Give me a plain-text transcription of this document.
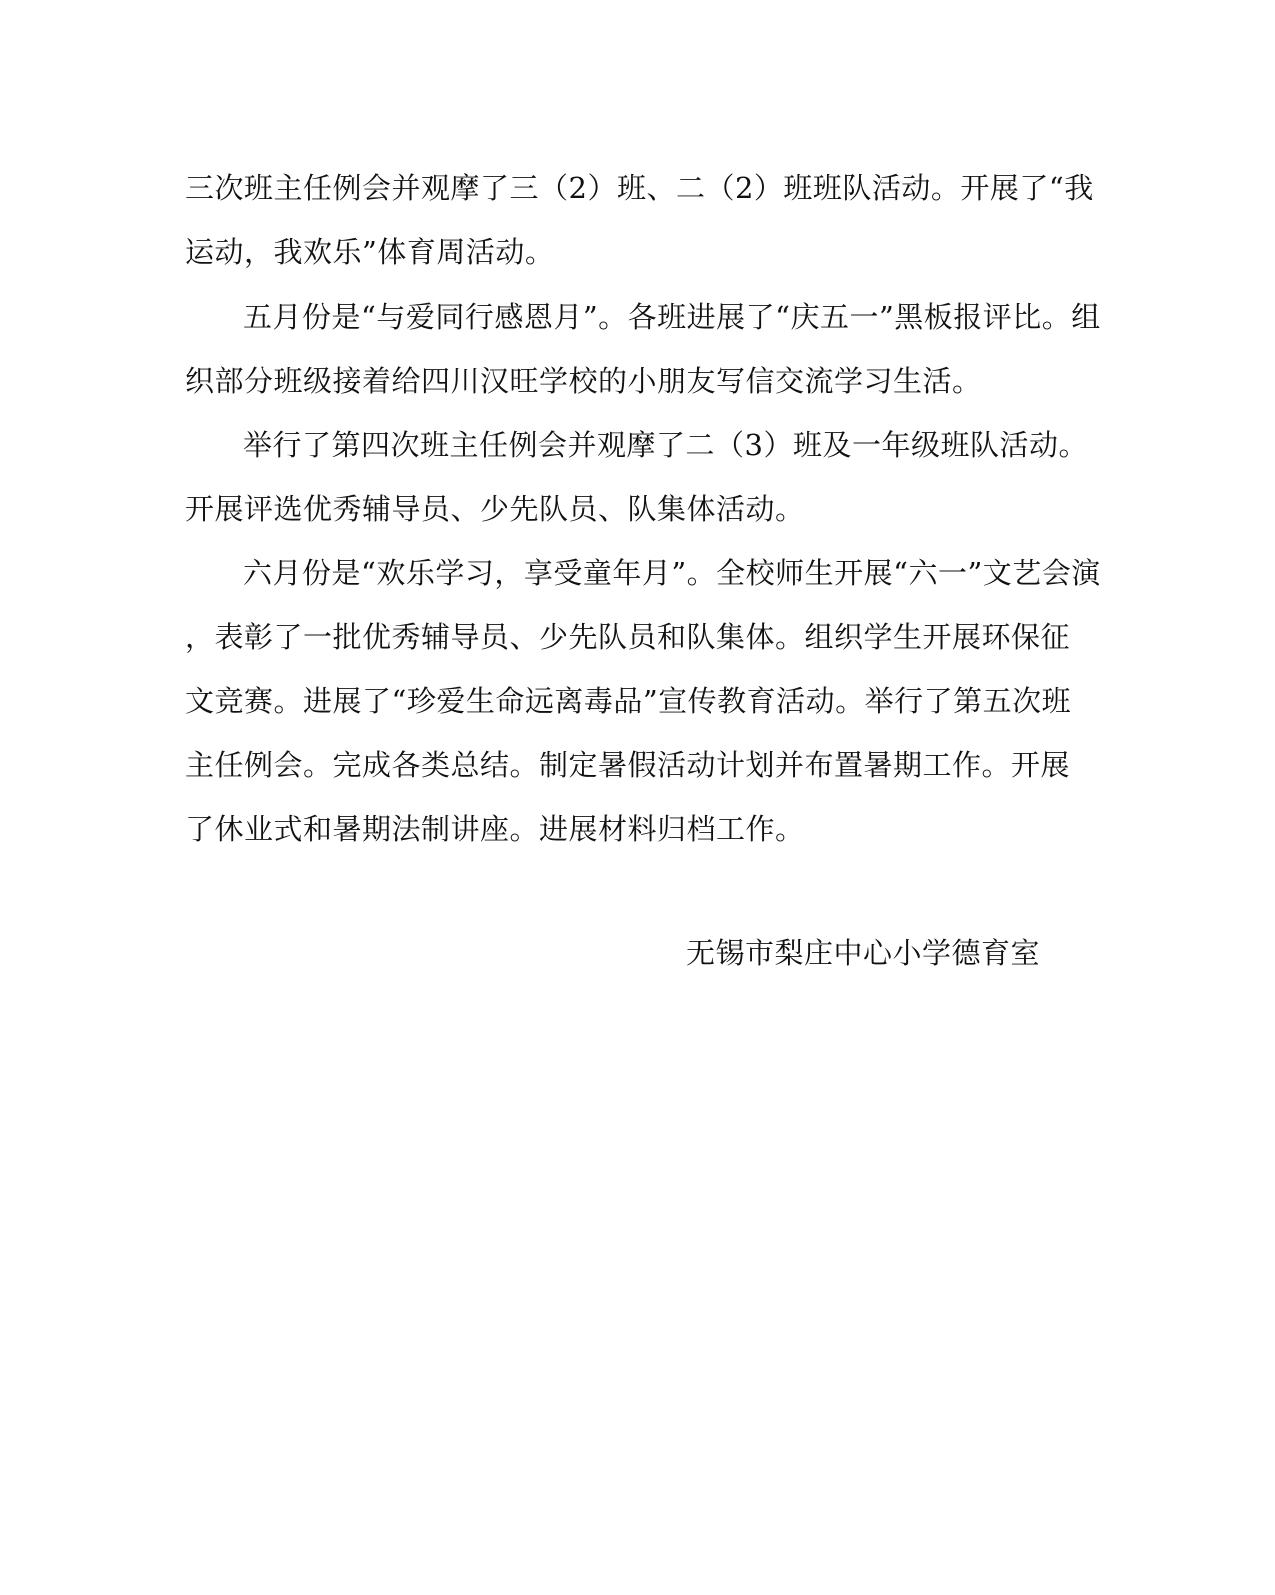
三次班主任例会并观摩了三（2）班、二（2）班班队活动。开展了“我
运动，我欢乐”体育周活动。
五月份是“与爱同行感恩月”。各班进展了“庆五一”黑板报评比。组
织部分班级接着给四川汉旺学校的小朋友写信交流学习生活。
举行了第四次班主任例会并观摩了二（3）班及一年级班队活动。
开展评选优秀辅导员、少先队员、队集体活动。
六月份是“欢乐学习，享受童年月”。全校师生开展“六一”文艺会演
，表彰了一批优秀辅导员、少先队员和队集体。组织学生开展环保征
文竞赛。进展了“珍爱生命远离毒品”宣传教育活动。举行了第五次班
主任例会。完成各类总结。制定暑假活动计划并布置暑期工作。开展
了休业式和暑期法制讲座。进展材料归档工作。
无锡市梨庄中心小学德育室
